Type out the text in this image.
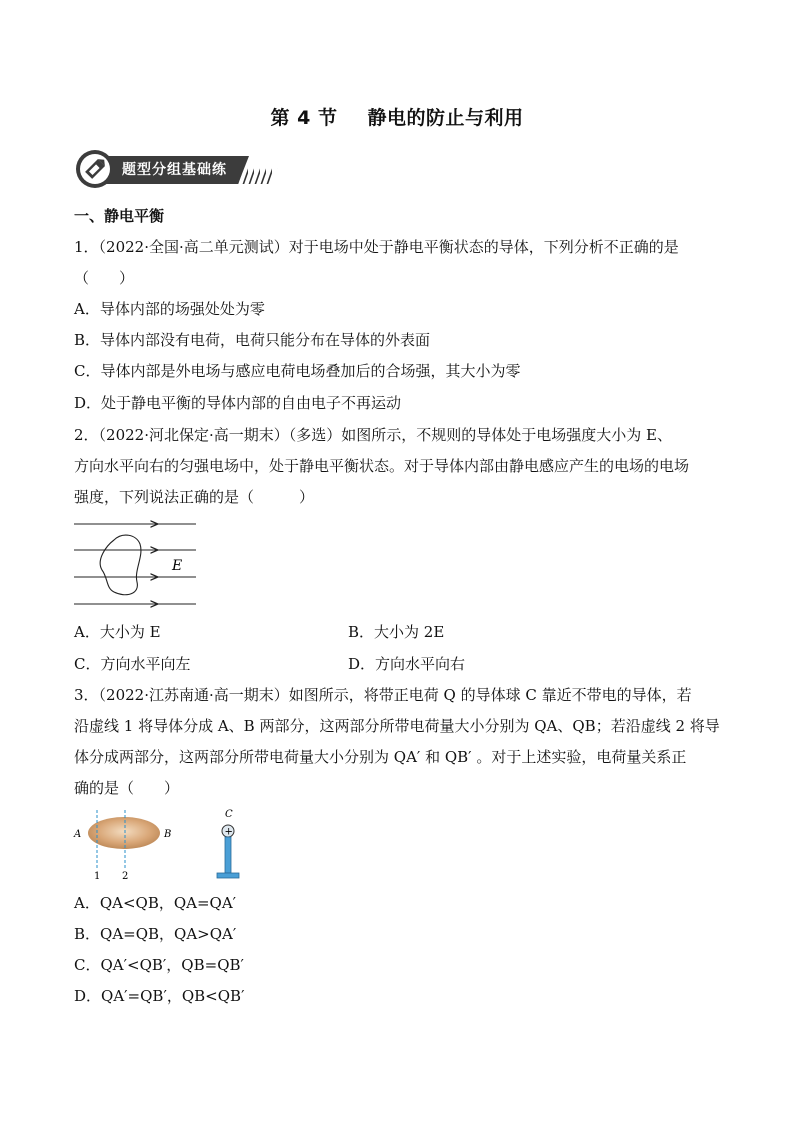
第 4 节 静电的防止与利用
题型分组基础练
一、静电平衡
1．（2022·全国·高二单元测试）对于电场中处于静电平衡状态的导体，下列分析不正确的是
（　　）
A．导体内部的场强处处为零
B．导体内部没有电荷，电荷只能分布在导体的外表面
C．导体内部是外电场与感应电荷电场叠加后的合场强，其大小为零
D．处于静电平衡的导体内部的自由电子不再运动
2．（2022·河北保定·高一期末）（多选）如图所示，不规则的导体处于电场强度大小为 E、
方向水平向右的匀强电场中，处于静电平衡状态。对于导体内部由静电感应产生的电场的电场
强度，下列说法正确的是（　　　）
E
A．大小为 E	B．大小为 2E
C．方向水平向左	D．方向水平向右
3．（2022·江苏南通·高一期末）如图所示，将带正电荷 Q 的导体球 C 靠近不带电的导体，若
沿虚线 1 将导体分成 A、B 两部分，这两部分所带电荷量大小分别为 QA、QB；若沿虚线 2 将导
体分成两部分，这两部分所带电荷量大小分别为 QA′ 和 QB′ 。对于上述实验，电荷量关系正
确的是（　　）
A	B
1 2
C
+
A．QA<QB，QA=QA′
B．QA=QB，QA>QA′
C．QA′<QB′，QB=QB′
D．QA′=QB′，QB<QB′
